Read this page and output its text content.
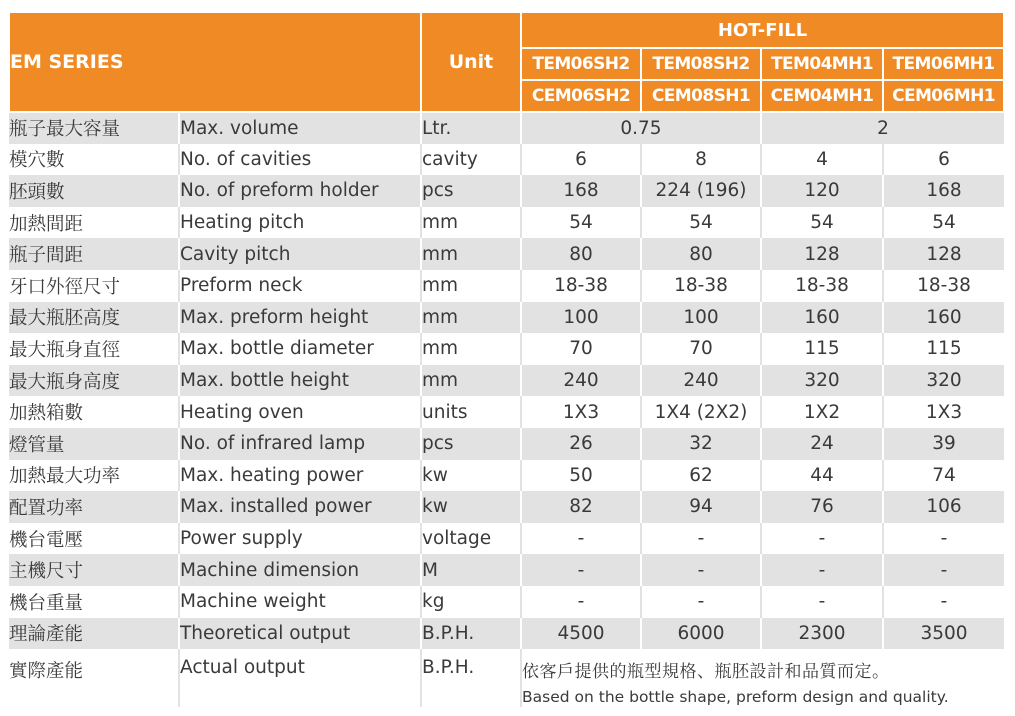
EM SERIES		Unit	HOT-FILL			
			TEM06SH2	TEM08SH2	TEM04MH1	TEM06MH1
			CEM06SH2	CEM08SH1	CEM04MH1	CEM06MH1
瓶子最大容量	Max. volume	Ltr.	0.75		2	
模穴數	No. of cavities	cavity	6	8	4	6
胚頭數	No. of preform holder	pcs	168	224 (196)	120	168
加熱間距	Heating pitch	mm	54	54	54	54
瓶子間距	Cavity pitch	mm	80	80	128	128
牙口外徑尺寸	Preform neck	mm	18-38	18-38	18-38	18-38
最大瓶胚高度	Max. preform height	mm	100	100	160	160
最大瓶身直徑	Max. bottle diameter	mm	70	70	115	115
最大瓶身高度	Max. bottle height	mm	240	240	320	320
加熱箱數	Heating oven	units	1X3	1X4 (2X2)	1X2	1X3
燈管量	No. of infrared lamp	pcs	26	32	24	39
加熱最大功率	Max. heating power	kw	50	62	44	74
配置功率	Max. installed power	kw	82	94	76	106
機台電壓	Power supply	voltage	-	-	-	-
主機尺寸	Machine dimension	M	-	-	-	-
機台重量	Machine weight	kg	-	-	-	-
理論產能	Theoretical output	B.P.H.	4500	6000	2300	3500
實際產能	Actual output	B.P.H.	依客戶提供的瓶型規格、瓶胚設計和品質而定。
Based on the bottle shape, preform design and quality.			
